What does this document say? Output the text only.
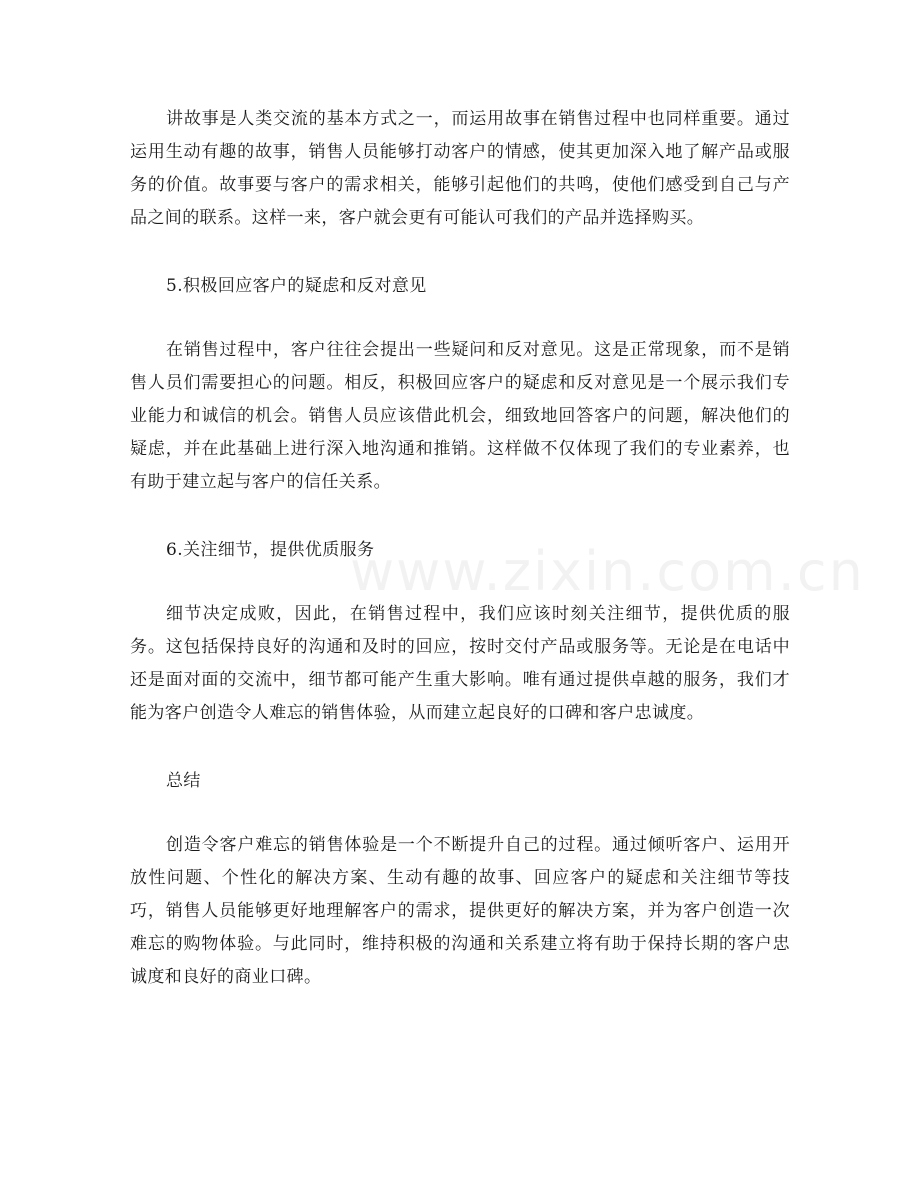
讲故事是人类交流的基本方式之一，而运用故事在销售过程中也同样重要。通过运用生动有趣的故事，销售人员能够打动客户的情感，使其更加深入地了解产品或服务的价值。故事要与客户的需求相关，能够引起他们的共鸣，使他们感受到自己与产品之间的联系。这样一来，客户就会更有可能认可我们的产品并选择购买。

5.积极回应客户的疑虑和反对意见

在销售过程中，客户往往会提出一些疑问和反对意见。这是正常现象，而不是销售人员们需要担心的问题。相反，积极回应客户的疑虑和反对意见是一个展示我们专业能力和诚信的机会。销售人员应该借此机会，细致地回答客户的问题，解决他们的疑虑，并在此基础上进行深入地沟通和推销。这样做不仅体现了我们的专业素养，也有助于建立起与客户的信任关系。

6.关注细节，提供优质服务

细节决定成败，因此，在销售过程中，我们应该时刻关注细节，提供优质的服务。这包括保持良好的沟通和及时的回应，按时交付产品或服务等。无论是在电话中还是面对面的交流中，细节都可能产生重大影响。唯有通过提供卓越的服务，我们才能为客户创造令人难忘的销售体验，从而建立起良好的口碑和客户忠诚度。

总结

创造令客户难忘的销售体验是一个不断提升自己的过程。通过倾听客户、运用开放性问题、个性化的解决方案、生动有趣的故事、回应客户的疑虑和关注细节等技巧，销售人员能够更好地理解客户的需求，提供更好的解决方案，并为客户创造一次难忘的购物体验。与此同时，维持积极的沟通和关系建立将有助于保持长期的客户忠诚度和良好的商业口碑。

www.zixin.com.cn
